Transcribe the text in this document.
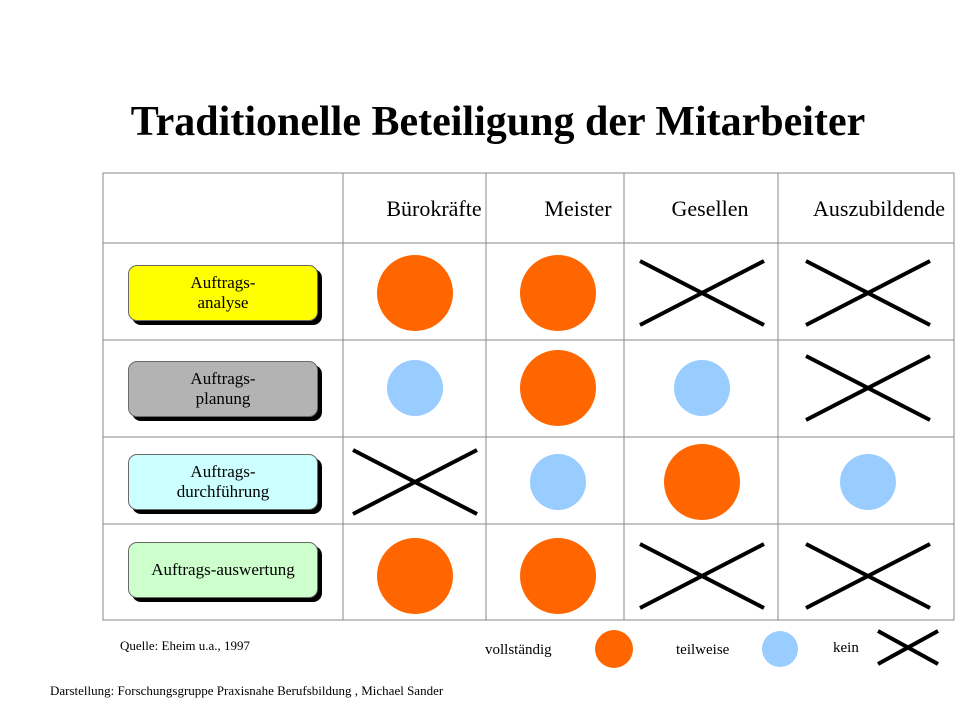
Traditionelle Beteiligung der Mitarbeiter
Bürokräfte	Meister	Gesellen	Auszubildende
Auftrags-
analyse
Auftrags-
planung
Auftrags-
durchführung
Auftrags-auswertung
Quelle: Eheim u.a., 1997
Darstellung: Forschungsgruppe Praxisnahe Berufsbildung , Michael Sander
vollständig	teilweise	kein
